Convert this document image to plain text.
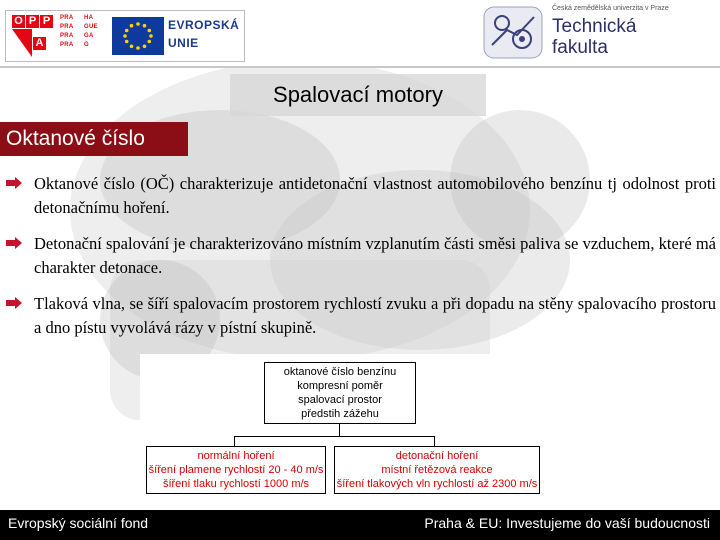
O P P
A
PRA
PRA
PRA
PRA
HA
GUE
GA
G
EVROPSKÁ
UNIE
Česká zemědělská univerzita v Praze
Technická
fakulta
Spalovací motory
Oktanové číslo
Oktanové číslo (OČ) charakterizuje antidetonační vlastnost automobilového benzínu tj odolnost proti detonačnímu hoření.
Detonační spalování je charakterizováno místním vzplanutím části směsi paliva se vzduchem, které má charakter detonace.
Tlaková vlna, se šíří spalovacím prostorem rychlostí zvuku a při dopadu na stěny spalovacího prostoru a dno pístu vyvolává rázy v pístní skupině.
oktanové číslo benzínu
kompresní poměr
spalovací prostor
předstih zážehu
normální hoření
šíření plamene rychlostí 20 - 40 m/s
šíření tlaku rychlostí 1000 m/s
detonační hoření
místní řetězová reakce
šíření tlakových vln rychlostí až 2300 m/s
Evropský sociální fond	Praha & EU: Investujeme do vaší budoucnosti
